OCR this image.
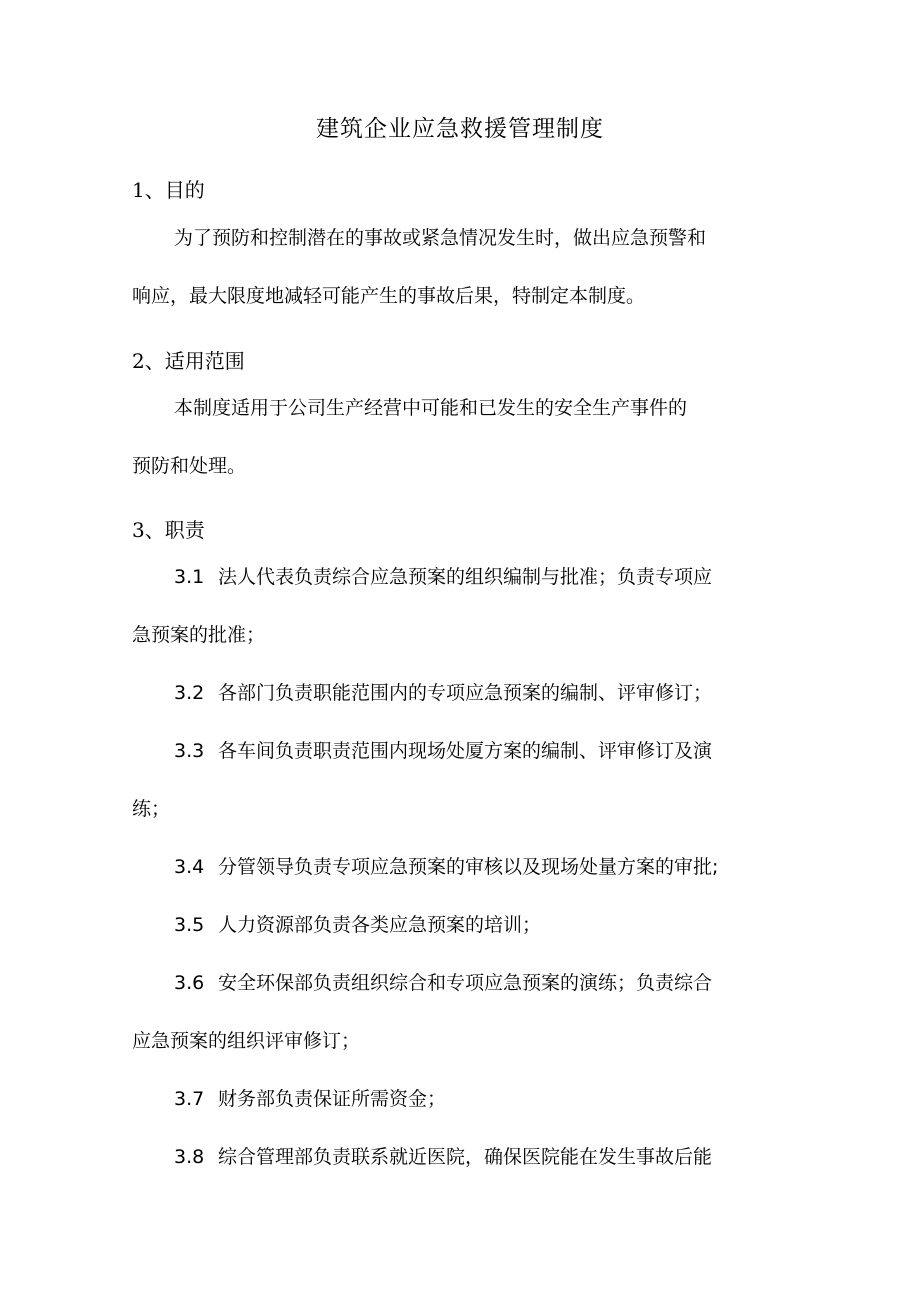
建筑企业应急救援管理制度
1、目的
为了预防和控制潜在的事故或紧急情况发生时，做出应急预警和
响应，最大限度地减轻可能产生的事故后果，特制定本制度。
2、适用范围
本制度适用于公司生产经营中可能和已发生的安全生产事件的
预防和处理。
3、职责
3.1 法人代表负责综合应急预案的组织编制与批准；负责专项应
急预案的批准；
3.2 各部门负责职能范围内的专项应急预案的编制、评审修订；
3.3 各车间负责职责范围内现场处厦方案的编制、评审修订及演
练；
3.4 分管领导负责专项应急预案的审核以及现场处量方案的审批;
3.5 人力资源部负责各类应急预案的培训；
3.6 安全环保部负责组织综合和专项应急预案的演练；负责综合
应急预案的组织评审修订；
3.7 财务部负责保证所需资金；
3.8 综合管理部负责联系就近医院，确保医院能在发生事故后能
